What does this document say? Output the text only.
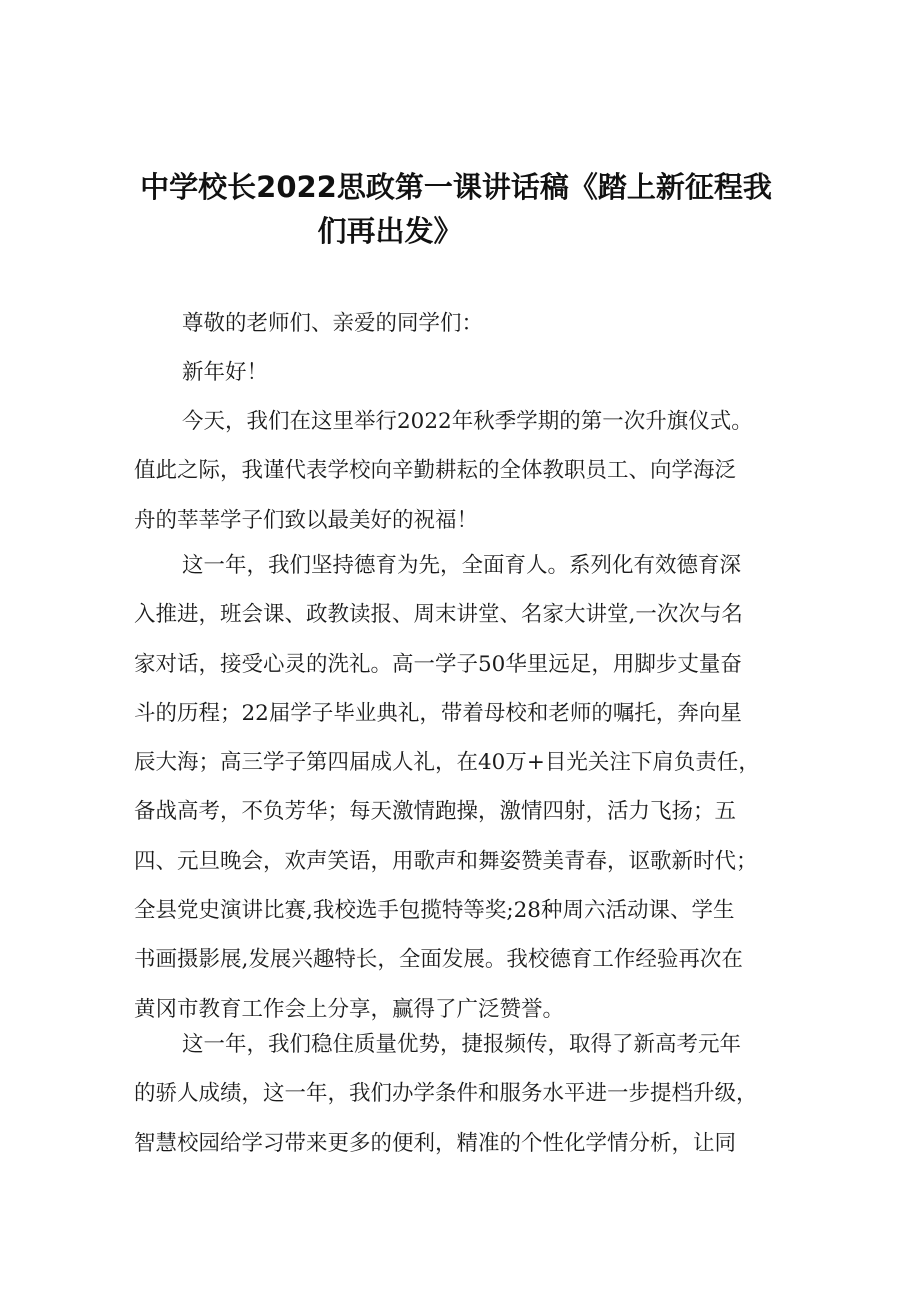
中学校长2022思政第一课讲话稿《踏上新征程我
们再出发》
尊敬的老师们、亲爱的同学们：
新年好！
今天，我们在这里举行2022年秋季学期的第一次升旗仪式。
值此之际，我谨代表学校向辛勤耕耘的全体教职员工、向学海泛
舟的莘莘学子们致以最美好的祝福！
这一年，我们坚持德育为先，全面育人。系列化有效德育深
入推进，班会课、政教读报、周末讲堂、名家大讲堂,一次次与名
家对话，接受心灵的洗礼。高一学子50华里远足，用脚步丈量奋
斗的历程；22届学子毕业典礼，带着母校和老师的嘱托，奔向星
辰大海；高三学子第四届成人礼，在40万+目光关注下肩负责任，
备战高考，不负芳华；每天激情跑操，激情四射，活力飞扬；五
四、元旦晚会，欢声笑语，用歌声和舞姿赞美青春，讴歌新时代；
全县党史演讲比赛,我校选手包揽特等奖;28种周六活动课、学生
书画摄影展,发展兴趣特长，全面发展。我校德育工作经验再次在
黄冈市教育工作会上分享，赢得了广泛赞誉。
这一年，我们稳住质量优势，捷报频传，取得了新高考元年
的骄人成绩，这一年，我们办学条件和服务水平进一步提档升级，
智慧校园给学习带来更多的便利，精准的个性化学情分析，让同
